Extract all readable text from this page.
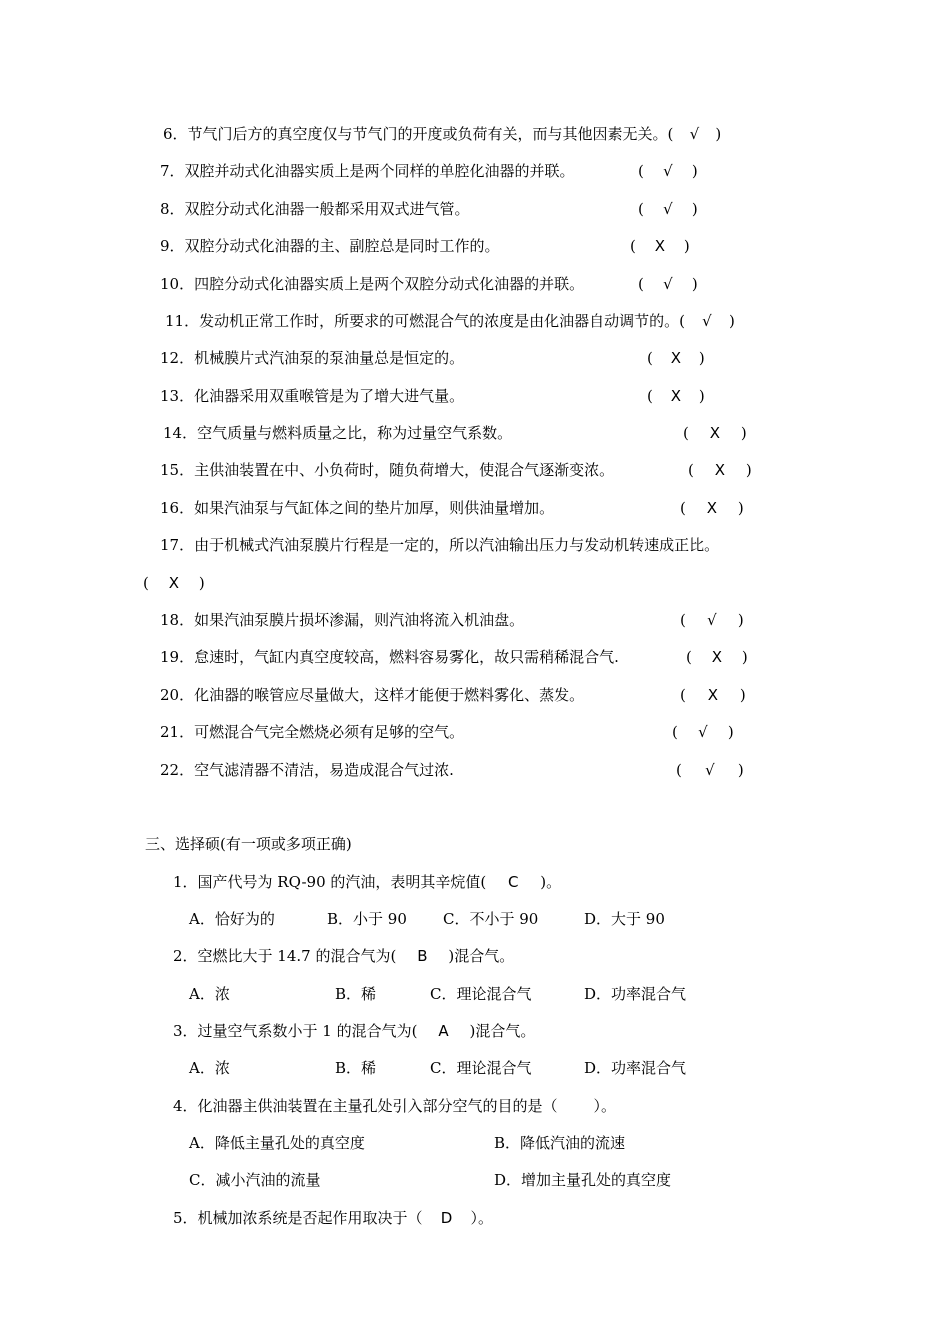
6．节气门后方的真空度仅与节气门的开度或负荷有关，而与其他因素无关。( √ )
7．双腔并动式化油器实质上是两个同样的单腔化油器的并联。	( √ )
8．双腔分动式化油器一般都采用双式进气管。	( √ )
9．双腔分动式化油器的主、副腔总是同时工作的。	( X )
10．四腔分动式化油器实质上是两个双腔分动式化油器的并联。	( √ )
11．发动机正常工作时，所要求的可燃混合气的浓度是由化油器自动调节的。( √ )
12．机械膜片式汽油泵的泵油量总是恒定的。	( X )
13．化油器采用双重喉管是为了增大进气量。	( X )
14．空气质量与燃料质量之比，称为过量空气系数。	( X )
15．主供油装置在中、小负荷时，随负荷增大，使混合气逐渐变浓。	( X )
16．如果汽油泵与气缸体之间的垫片加厚，则供油量增加。	( X )
17．由于机械式汽油泵膜片行程是一定的，所以汽油输出压力与发动机转速成正比。
( X )
18．如果汽油泵膜片损坏渗漏，则汽油将流入机油盘。	( √ )
19．怠速时，气缸内真空度较高，燃料容易雾化，故只需稍稀混合气.	( X )
20．化油器的喉管应尽量做大，这样才能便于燃料雾化、蒸发。	( X )
21．可燃混合气完全燃烧必须有足够的空气。	( √ )
22．空气滤清器不清洁，易造成混合气过浓.	( √ )
三、选择硕(有一项或多项正确)
1．国产代号为 RQ-90 的汽油，表明其辛烷值( C )。
A．恰好为的	B．小于 90 C．不小于 90	D．大于 90
2．空燃比大于 14.7 的混合气为( B )混合气。
A．浓	B．稀	C．理论混合气	D．功率混合气
3．过量空气系数小于 1 的混合气为( A )混合气。
A．浓	B．稀	C．理论混合气	D．功率混合气
4．化油器主供油装置在主量孔处引入部分空气的目的是（ ）。
A．降低主量孔处的真空度	B．降低汽油的流速
C．减小汽油的流量	D．增加主量孔处的真空度
5．机械加浓系统是否起作用取决于（ D ）。
